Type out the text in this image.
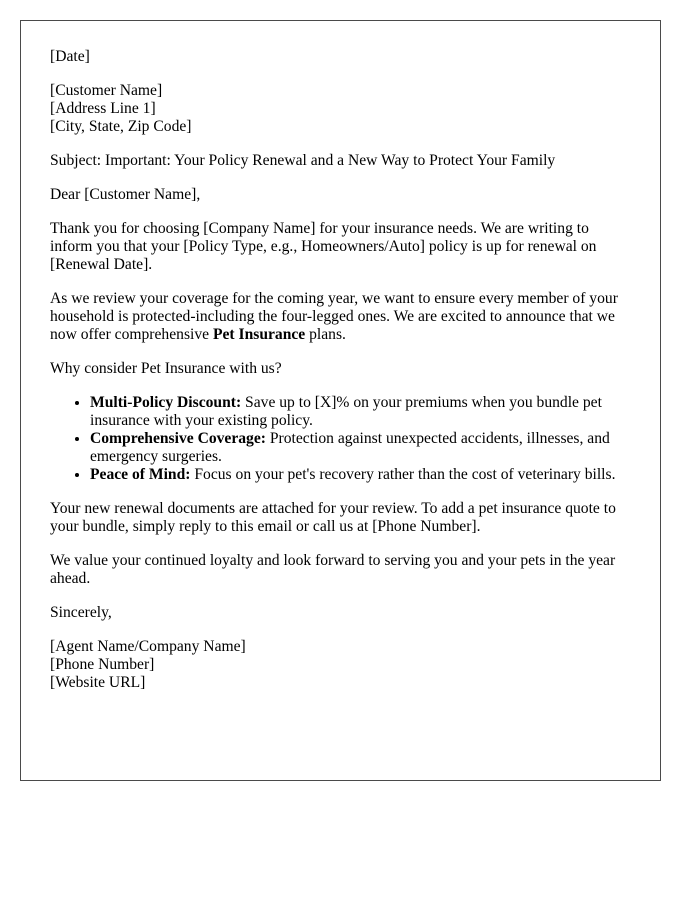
[Date]

[Customer Name]
[Address Line 1]
[City, State, Zip Code]

Subject: Important: Your Policy Renewal and a New Way to Protect Your Family

Dear [Customer Name],

Thank you for choosing [Company Name] for your insurance needs. We are writing to inform you that your [Policy Type, e.g., Homeowners/Auto] policy is up for renewal on [Renewal Date].

As we review your coverage for the coming year, we want to ensure every member of your household is protected-including the four-legged ones. We are excited to announce that we now offer comprehensive Pet Insurance plans.

Why consider Pet Insurance with us?

• Multi-Policy Discount: Save up to [X]% on your premiums when you bundle pet insurance with your existing policy.
• Comprehensive Coverage: Protection against unexpected accidents, illnesses, and emergency surgeries.
• Peace of Mind: Focus on your pet's recovery rather than the cost of veterinary bills.

Your new renewal documents are attached for your review. To add a pet insurance quote to your bundle, simply reply to this email or call us at [Phone Number].

We value your continued loyalty and look forward to serving you and your pets in the year ahead.

Sincerely,

[Agent Name/Company Name]
[Phone Number]
[Website URL]
